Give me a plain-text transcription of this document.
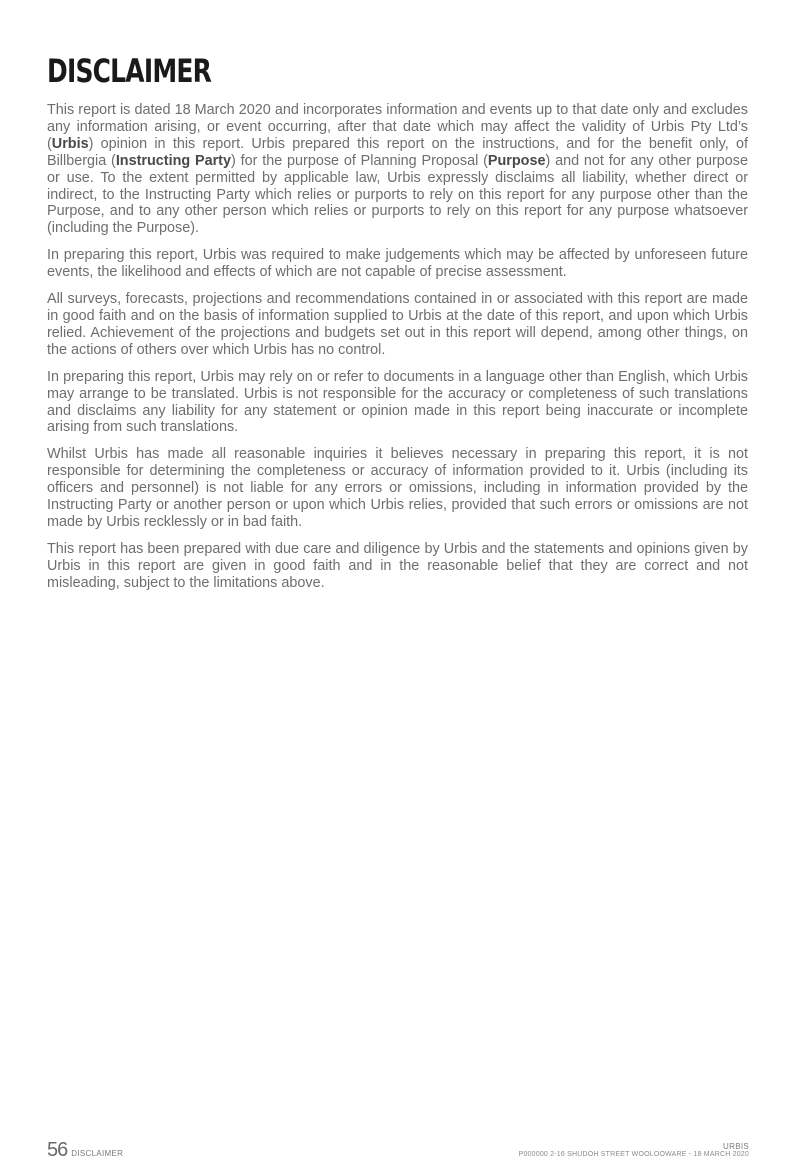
DISCLAIMER

This report is dated 18 March 2020 and incorporates information and events up to that date only and excludes any information arising, or event occurring, after that date which may affect the validity of Urbis Pty Ltd’s (Urbis) opinion in this report. Urbis prepared this report on the instructions, and for the benefit only, of Billbergia (Instructing Party) for the purpose of Planning Proposal (Purpose) and not for any other purpose or use. To the extent permitted by applicable law, Urbis expressly disclaims all liability, whether direct or indirect, to the Instructing Party which relies or purports to rely on this report for any purpose other than the Purpose, and to any other person which relies or purports to rely on this report for any purpose whatsoever (including the Purpose).

In preparing this report, Urbis was required to make judgements which may be affected by unforeseen future events, the likelihood and effects of which are not capable of precise assessment.

All surveys, forecasts, projections and recommendations contained in or associated with this report are made in good faith and on the basis of information supplied to Urbis at the date of this report, and upon which Urbis relied. Achievement of the projections and budgets set out in this report will depend, among other things, on the actions of others over which Urbis has no control.

In preparing this report, Urbis may rely on or refer to documents in a language other than English, which Urbis may arrange to be translated. Urbis is not responsible for the accuracy or completeness of such translations and disclaims any liability for any statement or opinion made in this report being inaccurate or incomplete arising from such translations.

Whilst Urbis has made all reasonable inquiries it believes necessary in preparing this report, it is not responsible for determining the completeness or accuracy of information provided to it. Urbis (including its officers and personnel) is not liable for any errors or omissions, including in information provided by the Instructing Party or another person or upon which Urbis relies, provided that such errors or omissions are not made by Urbis recklessly or in bad faith.

This report has been prepared with due care and diligence by Urbis and the statements and opinions given by Urbis in this report are given in good faith and in the reasonable belief that they are correct and not misleading, subject to the limitations above.

56 DISCLAIMER
URBIS
P000000 2-16 SHUDOH STREET WOOLOOWARE - 18 MARCH 2020
